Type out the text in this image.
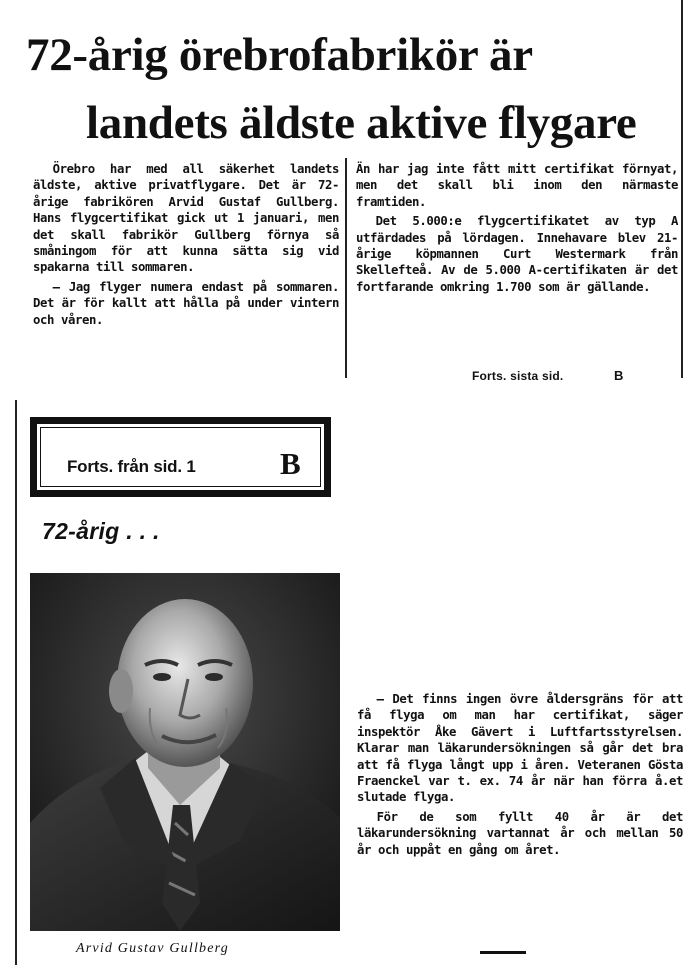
72-årig örebrofabrikör är
landets äldste aktive flygare

Örebro har med all säkerhet landets äldste, aktive privatflygare. Det är 72-årige fabrikören Arvid Gustaf Gullberg. Hans flygcertifikat gick ut 1 januari, men det skall fabrikör Gullberg förnya så småningom för att kunna sätta sig vid spakarna till sommaren.

— Jag flyger numera endast på sommaren. Det är för kallt att hålla på under vintern och våren.

Än har jag inte fått mitt certifikat förnyat, men det skall bli inom den närmaste framtiden.

Det 5.000:e flygcertifikatet av typ A utfärdades på lördagen. Innehavare blev 21-årige köpmannen Curt Westermark från Skellefteå. Av de 5.000 A-certifikaten är det fortfarande omkring 1.700 som är gällande.

Forts. sista sid.	B
Forts. från sid. 1	B
72-årig . . .
Arvid Gustav Gullberg

— Det finns ingen övre åldersgräns för att få flyga om man har certifikat, säger inspektör Åke Gävert i Luftfartsstyrelsen. Klarar man läkarundersökningen så går det bra att få flyga långt upp i åren. Veteranen Gösta Fraenckel var t. ex. 74 år när han förra å.et slutade flyga.

För de som fyllt 40 år är det läkarundersökning vartannat år och mellan 50 år och uppåt en gång om året.
